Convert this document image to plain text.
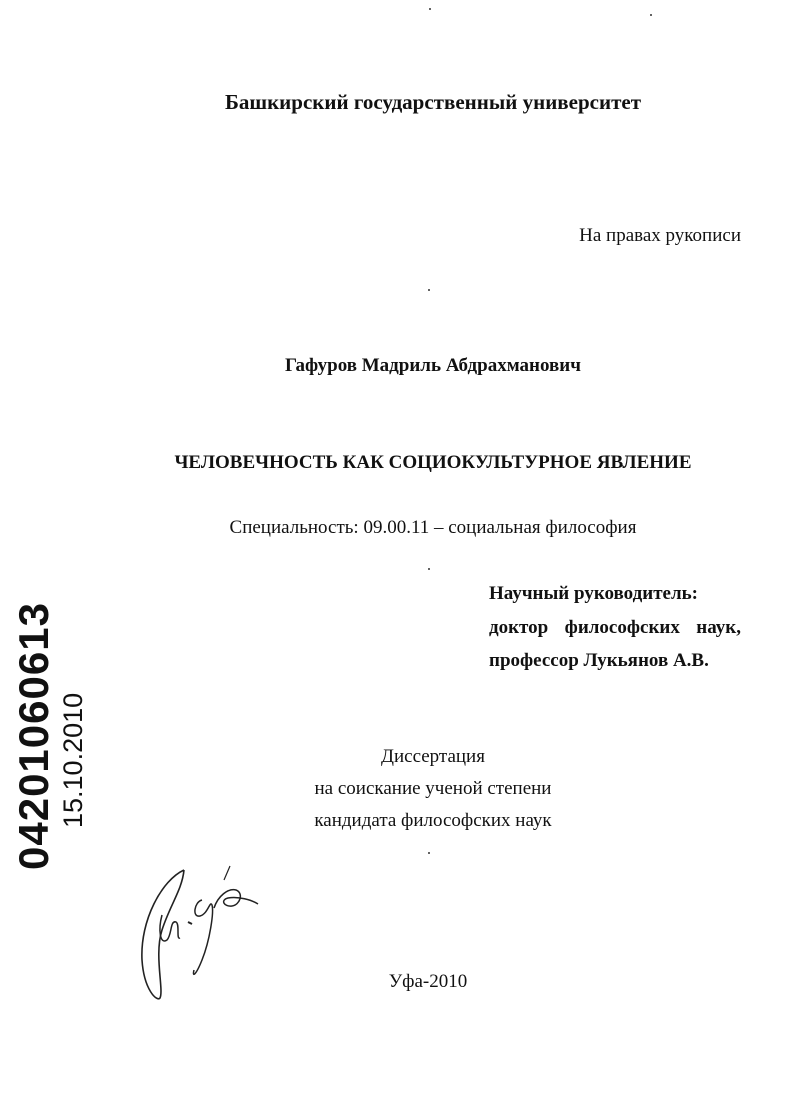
Башкирский государственный университет
На правах рукописи
Гафуров Мадриль Абдрахманович
ЧЕЛОВЕЧНОСТЬ КАК СОЦИОКУЛЬТУРНОЕ ЯВЛЕНИЕ
Специальность: 09.00.11 – социальная философия
Научный руководитель:
доктор философских наук,
профессор Лукьянов А.В.
Диссертация
на соискание ученой степени
кандидата философских наук
Уфа-2010
04201060613 15.10.2010
